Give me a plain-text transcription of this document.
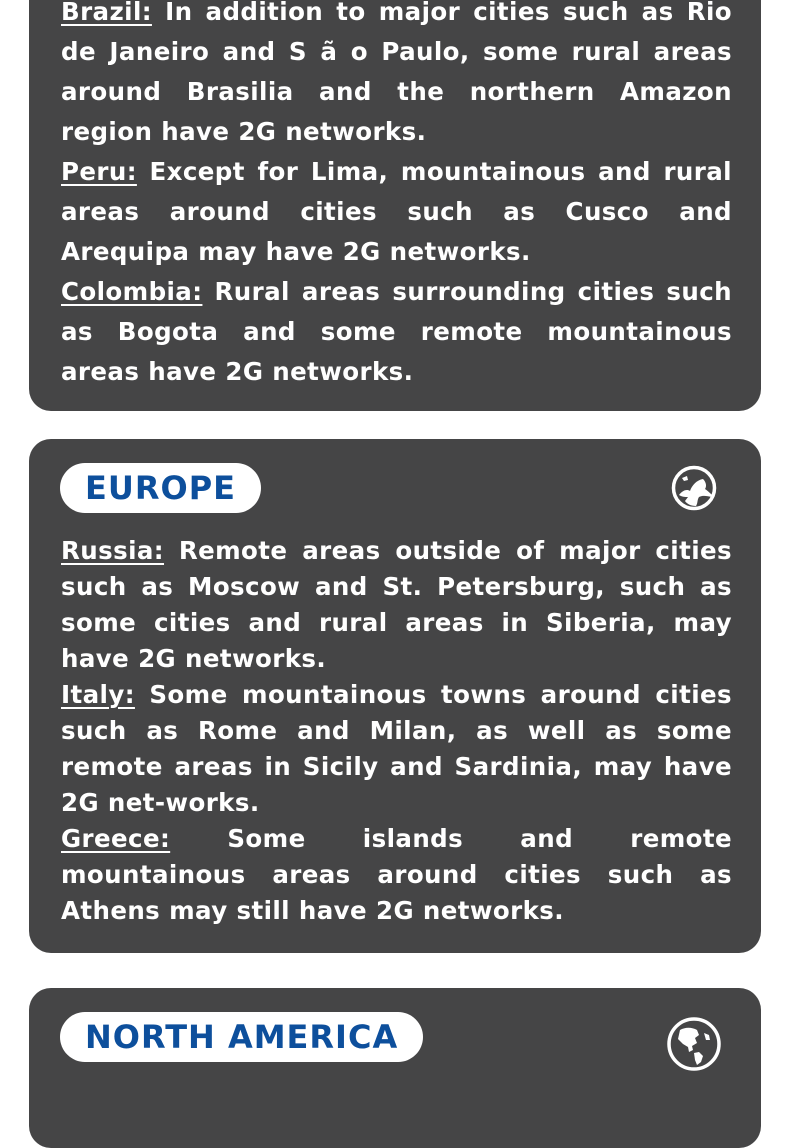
Brazil: In addition to major cities such as Rio de Janeiro and S ã o Paulo, some rural areas around Brasilia and the northern Amazon region have 2G networks.
Peru: Except for Lima, mountainous and rural areas around cities such as Cusco and Arequipa may have 2G networks.
Colombia: Rural areas surrounding cities such as Bogota and some remote mountainous areas have 2G networks.
EUROPE
Russia: Remote areas outside of major cities such as Moscow and St. Petersburg, such as some cities and rural areas in Siberia, may have 2G networks.
Italy: Some mountainous towns around cities such as Rome and Milan, as well as some remote areas in Sicily and Sardinia, may have 2G net-works.
Greece: Some islands and remote mountainous areas around cities such as Athens may still have 2G networks.
NORTH AMERICA
